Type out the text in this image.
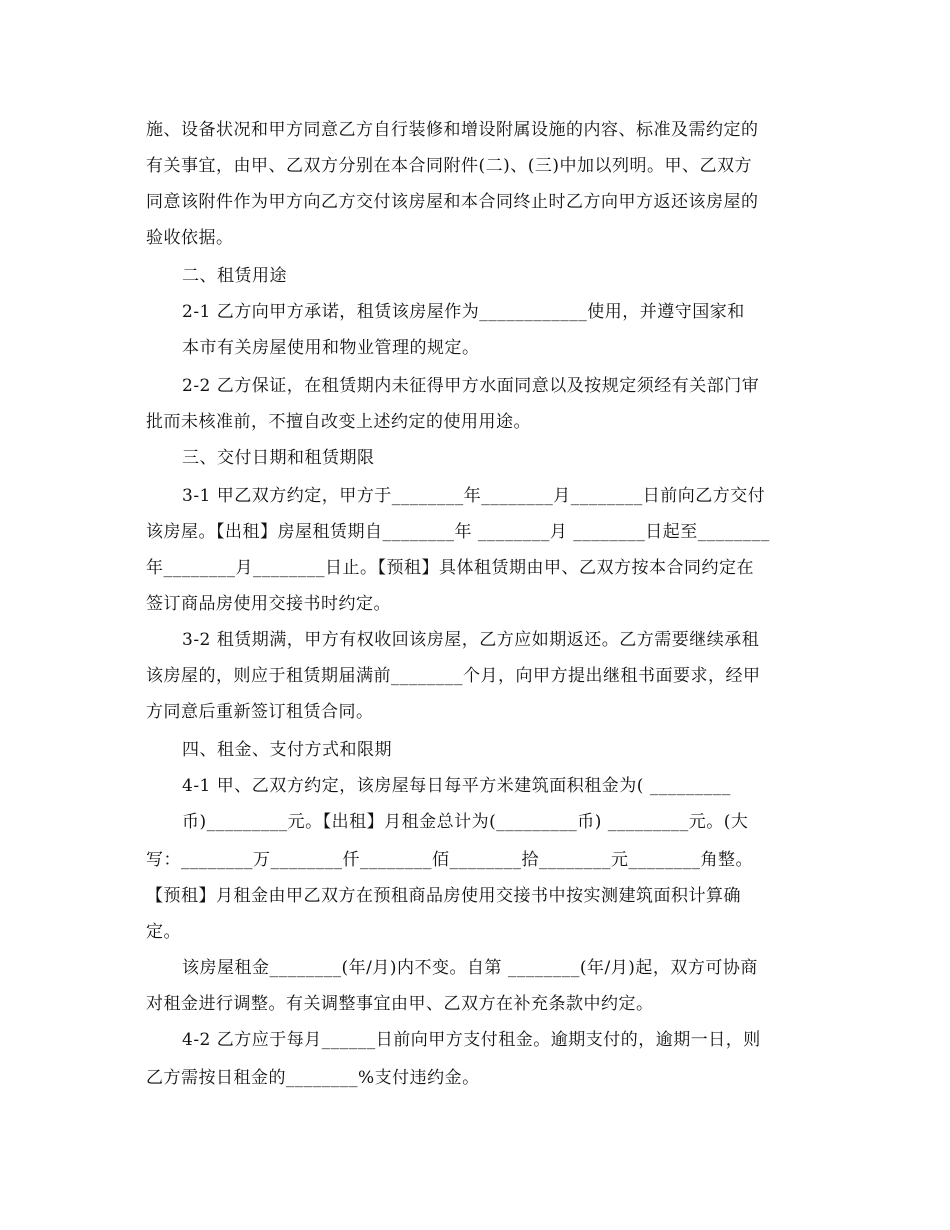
施、设备状况和甲方同意乙方自行装修和增设附属设施的内容、标准及需约定的
有关事宜，由甲、乙双方分别在本合同附件(二)、(三)中加以列明。甲、乙双方
同意该附件作为甲方向乙方交付该房屋和本合同终止时乙方向甲方返还该房屋的
验收依据。
二、租赁用途
2-1 乙方向甲方承诺，租赁该房屋作为____________使用，并遵守国家和
本市有关房屋使用和物业管理的规定。
2-2 乙方保证，在租赁期内未征得甲方水面同意以及按规定须经有关部门审
批而未核准前，不擅自改变上述约定的使用用途。
三、交付日期和租赁期限
3-1 甲乙双方约定，甲方于________年________月________日前向乙方交付
该房屋。【出租】房屋租赁期自________年 ________月 ________日起至________
年________月________日止。【预租】具体租赁期由甲、乙双方按本合同约定在
签订商品房使用交接书时约定。
3-2 租赁期满，甲方有权收回该房屋，乙方应如期返还。乙方需要继续承租
该房屋的，则应于租赁期届满前________个月，向甲方提出继租书面要求，经甲
方同意后重新签订租赁合同。
四、租金、支付方式和限期
4-1 甲、乙双方约定，该房屋每日每平方米建筑面积租金为( _________
币)_________元。【出租】月租金总计为(_________币) _________元。(大
写：________万________仟________佰________拾________元________角整。
【预租】月租金由甲乙双方在预租商品房使用交接书中按实测建筑面积计算确
定。
该房屋租金________(年/月)内不变。自第 ________(年/月)起，双方可协商
对租金进行调整。有关调整事宜由甲、乙双方在补充条款中约定。
4-2 乙方应于每月______日前向甲方支付租金。逾期支付的，逾期一日，则
乙方需按日租金的________%支付违约金。
